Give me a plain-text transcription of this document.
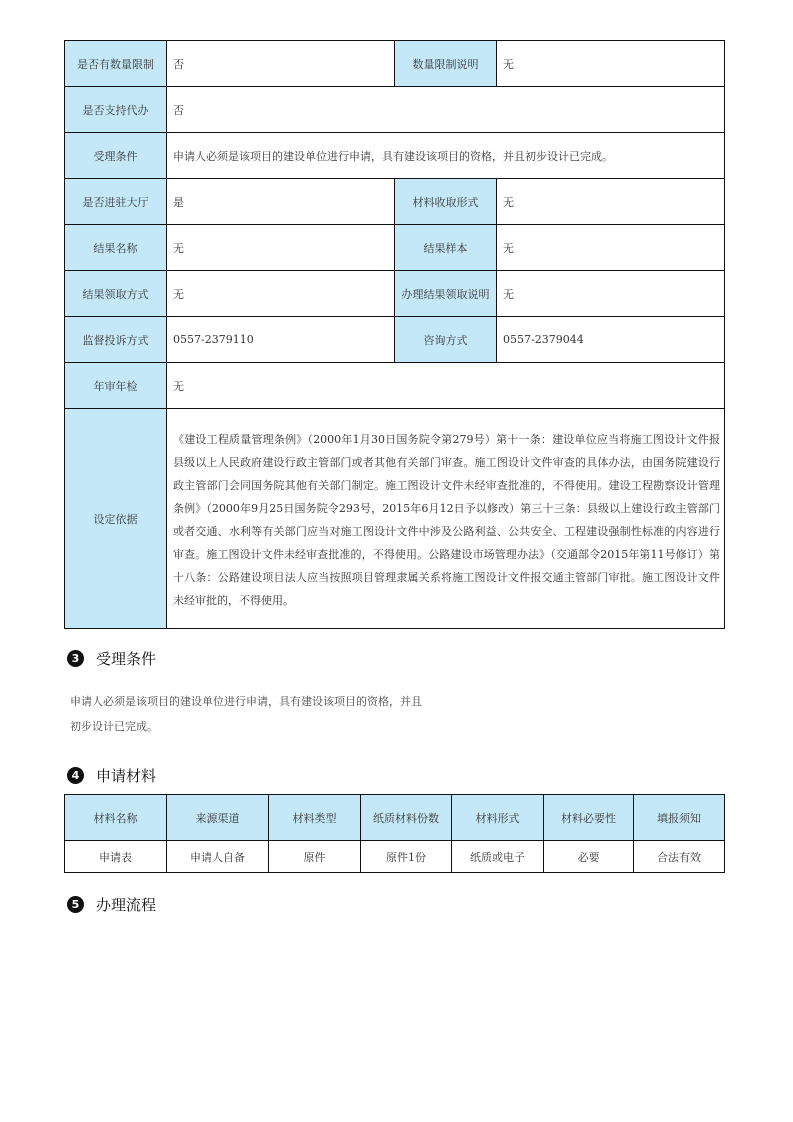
是否有数量限制	否	数量限制说明	无
是否支持代办	否		
受理条件	申请人必须是该项目的建设单位进行申请，具有建设该项目的资格，并且初步设计已完成。		
是否进驻大厅	是	材料收取形式	无
结果名称	无	结果样本	无
结果领取方式	无	办理结果领取说明	无
监督投诉方式	0557-2379110	咨询方式	0557-2379044
年审年检	无		
设定依据	《建设工程质量管理条例》（2000年1月30日国务院令第279号）第十一条：建设单位应当将施工图设计文件报县级以上人民政府建设行政主管部门或者其他有关部门审查。施工图设计文件审查的具体办法，由国务院建设行政主管部门会同国务院其他有关部门制定。施工图设计文件未经审查批准的，不得使用。建设工程勘察设计管理条例》（2000年9月25日国务院令293号，2015年6月12日予以修改）第三十三条：县级以上建设行政主管部门或者交通、水利等有关部门应当对施工图设计文件中涉及公路利益、公共安全、工程建设强制性标准的内容进行审查。施工图设计文件未经审查批准的，不得使用。公路建设市场管理办法》（交通部令2015年第11号修订）第十八条：公路建设项目法人应当按照项目管理隶属关系将施工图设计文件报交通主管部门审批。施工图设计文件未经审批的，不得使用。		
3	受理条件
申请人必须是该项目的建设单位进行申请，具有建设该项目的资格，并且
初步设计已完成。
4	申请材料
材料名称	来源渠道	材料类型	纸质材料份数	材料形式	材料必要性	填报须知
申请表	申请人自备	原件	原件1份	纸质或电子	必要	合法有效
5	办理流程
